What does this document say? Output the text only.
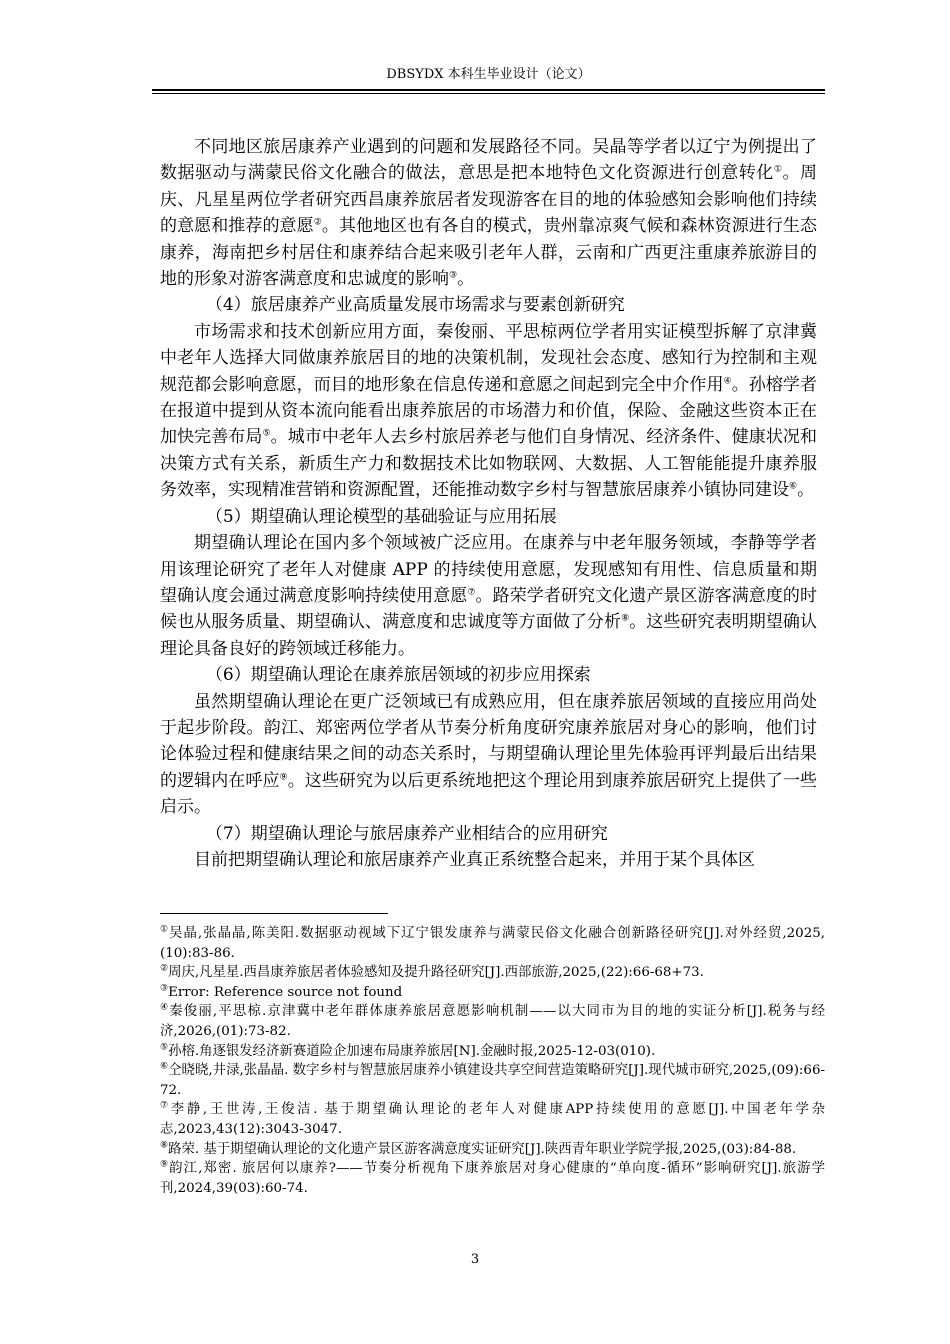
DBSYDX 本科生毕业设计（论文）

不同地区旅居康养产业遇到的问题和发展路径不同。吴晶等学者以辽宁为例提出了数据驱动与满蒙民俗文化融合的做法，意思是把本地特色文化资源进行创意转化①。周庆、凡星星两位学者研究西昌康养旅居者发现游客在目的地的体验感知会影响他们持续的意愿和推荐的意愿②。其他地区也有各自的模式，贵州靠凉爽气候和森林资源进行生态康养，海南把乡村居住和康养结合起来吸引老年人群，云南和广西更注重康养旅游目的地的形象对游客满意度和忠诚度的影响③。

（4）旅居康养产业高质量发展市场需求与要素创新研究

市场需求和技术创新应用方面，秦俊丽、平思椋两位学者用实证模型拆解了京津冀中老年人选择大同做康养旅居目的地的决策机制，发现社会态度、感知行为控制和主观规范都会影响意愿，而目的地形象在信息传递和意愿之间起到完全中介作用④。孙榕学者在报道中提到从资本流向能看出康养旅居的市场潜力和价值，保险、金融这些资本正在加快完善布局⑤。城市中老年人去乡村旅居养老与他们自身情况、经济条件、健康状况和决策方式有关系，新质生产力和数据技术比如物联网、大数据、人工智能能提升康养服务效率，实现精准营销和资源配置，还能推动数字乡村与智慧旅居康养小镇协同建设⑥。

（5）期望确认理论模型的基础验证与应用拓展

期望确认理论在国内多个领域被广泛应用。在康养与中老年服务领域，李静等学者用该理论研究了老年人对健康 APP 的持续使用意愿，发现感知有用性、信息质量和期望确认度会通过满意度影响持续使用意愿⑦。路荣学者研究文化遗产景区游客满意度的时候也从服务质量、期望确认、满意度和忠诚度等方面做了分析⑧。这些研究表明期望确认理论具备良好的跨领域迁移能力。

（6）期望确认理论在康养旅居领域的初步应用探索

虽然期望确认理论在更广泛领域已有成熟应用，但在康养旅居领域的直接应用尚处于起步阶段。韵江、郑密两位学者从节奏分析角度研究康养旅居对身心的影响，他们讨论体验过程和健康结果之间的动态关系时，与期望确认理论里先体验再评判最后出结果的逻辑内在呼应⑨。这些研究为以后更系统地把这个理论用到康养旅居研究上提供了一些启示。

（7）期望确认理论与旅居康养产业相结合的应用研究

目前把期望确认理论和旅居康养产业真正系统整合起来，并用于某个具体区

①吴晶,张晶晶,陈美阳.数据驱动视域下辽宁银发康养与满蒙民俗文化融合创新路径研究[J].对外经贸,2025,(10):83-86.
②周庆,凡星星.西昌康养旅居者体验感知及提升路径研究[J].西部旅游,2025,(22):66-68+73.
③Error: Reference source not found
④秦俊丽,平思椋.京津冀中老年群体康养旅居意愿影响机制——以大同市为目的地的实证分析[J].税务与经济,2026,(01):73-82.
⑤孙榕.角逐银发经济新赛道险企加速布局康养旅居[N].金融时报,2025-12-03(010).
⑥仝晓晓,井渌,张晶晶. 数字乡村与智慧旅居康养小镇建设共享空间营造策略研究[J].现代城市研究,2025,(09):66-72.
⑦李静,王世涛,王俊洁. 基于期望确认理论的老年人对健康APP持续使用的意愿[J].中国老年学杂志,2023,43(12):3043-3047.
⑧路荣. 基于期望确认理论的文化遗产景区游客满意度实证研究[J].陕西青年职业学院学报,2025,(03):84-88.
⑨韵江,郑密. 旅居何以康养?——节奏分析视角下康养旅居对身心健康的“单向度-循环”影响研究[J].旅游学刊,2024,39(03):60-74.
3
